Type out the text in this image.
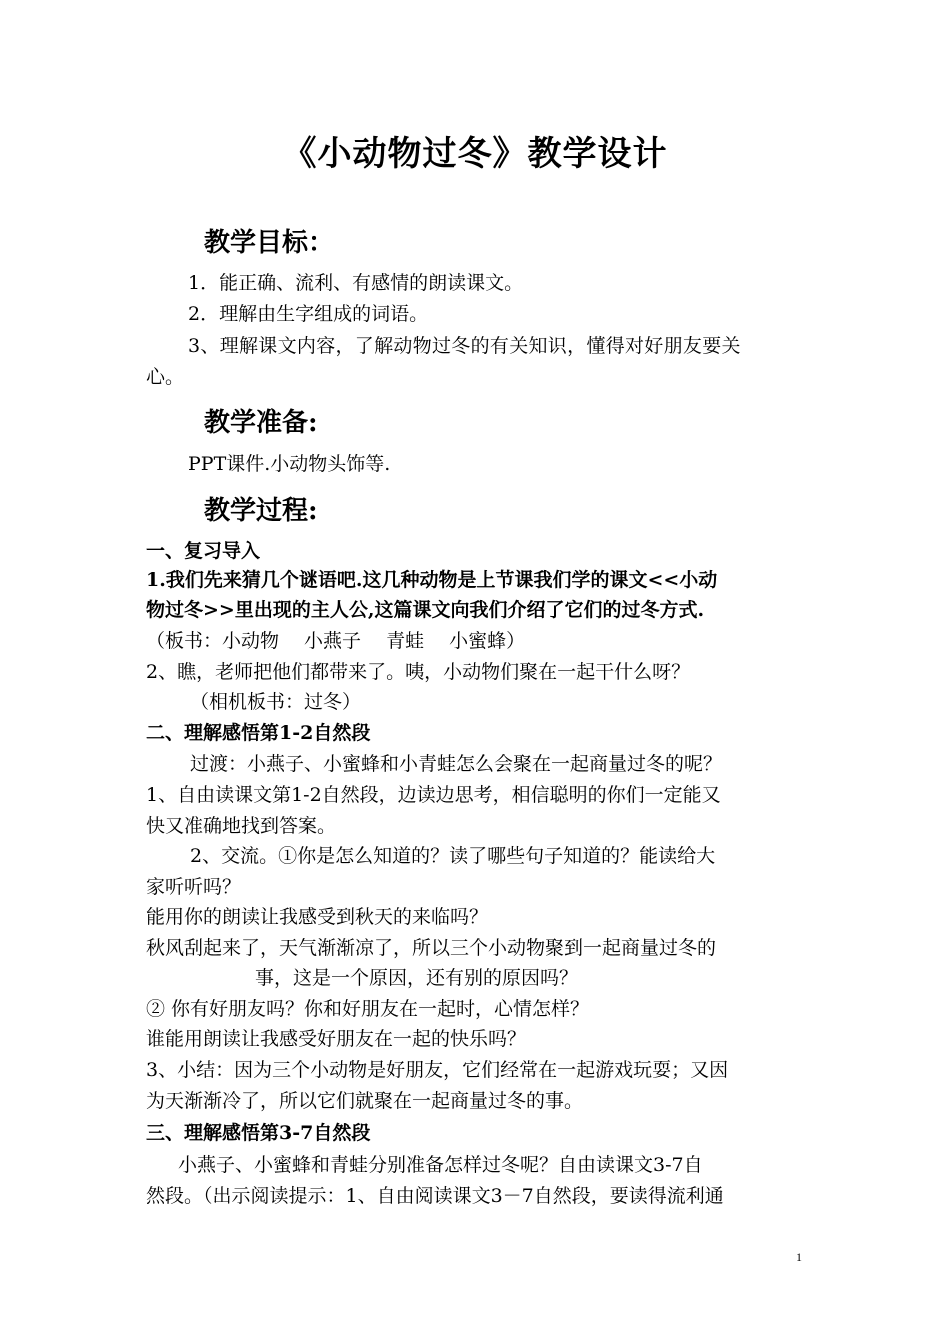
《小动物过冬》教学设计
教学目标：
1．能正确、流利、有感情的朗读课文。
2．理解由生字组成的词语。
3、理解课文内容，了解动物过冬的有关知识，懂得对好朋友要关
心。
教学准备:
PPT课件.小动物头饰等.
教学过程:
一、复习导入
1.我们先来猜几个谜语吧.这几种动物是上节课我们学的课文<<小动
物过冬>>里出现的主人公,这篇课文向我们介绍了它们的过冬方式.
（板书：小动物　 小燕子　 青蛙　 小蜜蜂）
2、瞧，老师把他们都带来了。咦，小动物们聚在一起干什么呀？
（相机板书：过冬）
二、理解感悟第1-2自然段
过渡：小燕子、小蜜蜂和小青蛙怎么会聚在一起商量过冬的呢？
1、自由读课文第1-2自然段，边读边思考，相信聪明的你们一定能又
快又准确地找到答案。
2、交流。①你是怎么知道的？读了哪些句子知道的？能读给大
家听听吗？
能用你的朗读让我感受到秋天的来临吗？
秋风刮起来了，天气渐渐凉了，所以三个小动物聚到一起商量过冬的
事，这是一个原因，还有别的原因吗？
② 你有好朋友吗？你和好朋友在一起时，心情怎样？
谁能用朗读让我感受好朋友在一起的快乐吗？
3、小结：因为三个小动物是好朋友，它们经常在一起游戏玩耍；又因
为天渐渐冷了，所以它们就聚在一起商量过冬的事。
三、理解感悟第3-7自然段
小燕子、小蜜蜂和青蛙分别准备怎样过冬呢？自由读课文3-7自
然段。（出示阅读提示：1、自由阅读课文3－7自然段，要读得流利通
1
